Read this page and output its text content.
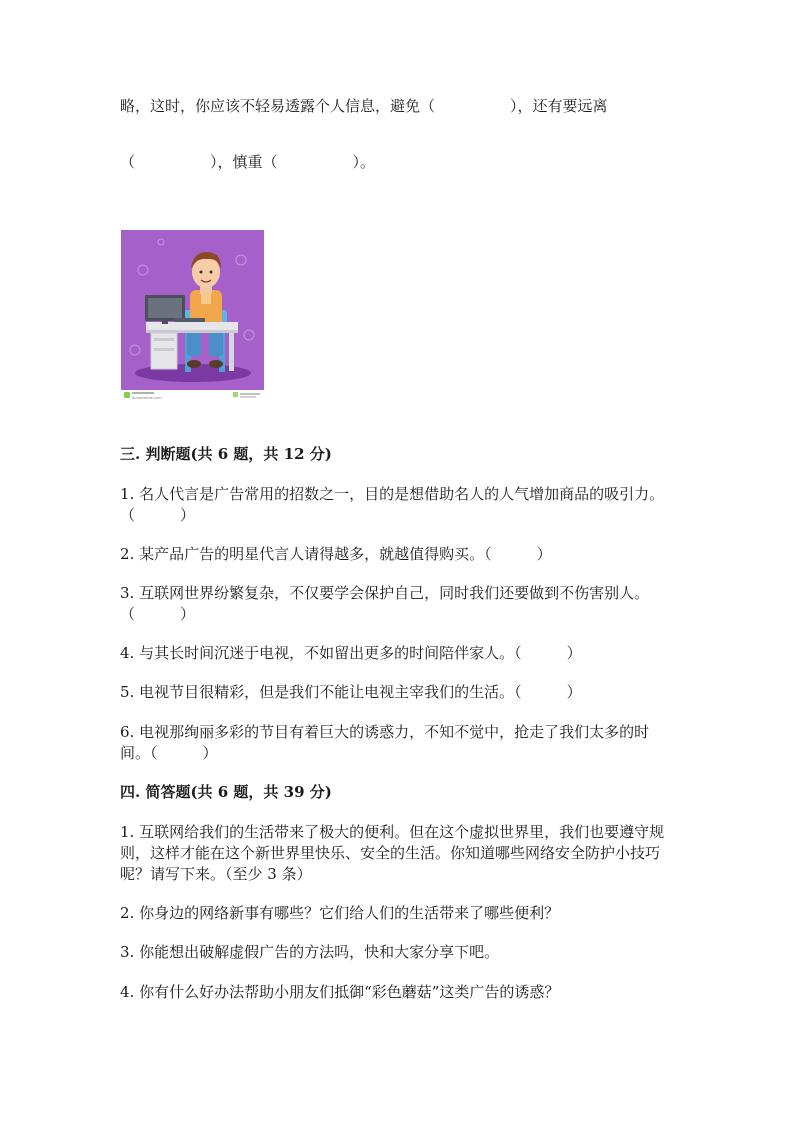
略，这时，你应该不轻易透露个人信息，避免（　　　　　），还有要远离
（　　　　　），慎重（　　　　　）。
dreamstime.com
三. 判断题(共 6 题，共 12 分)
1. 名人代言是广告常用的招数之一，目的是想借助名人的人气增加商品的吸引力。（　　　）
2. 某产品广告的明星代言人请得越多，就越值得购买。（　　　）
3. 互联网世界纷繁复杂，不仅要学会保护自己，同时我们还要做到不伤害别人。（　　　）
4. 与其长时间沉迷于电视，不如留出更多的时间陪伴家人。（　　　）
5. 电视节目很精彩，但是我们不能让电视主宰我们的生活。（　　　）
6. 电视那绚丽多彩的节目有着巨大的诱惑力，不知不觉中，抢走了我们太多的时间。（　　　）
四. 简答题(共 6 题，共 39 分)
1. 互联网给我们的生活带来了极大的便利。但在这个虚拟世界里，我们也要遵守规则，这样才能在这个新世界里快乐、安全的生活。你知道哪些网络安全防护小技巧呢？请写下来。（至少 3 条）
2. 你身边的网络新事有哪些？它们给人们的生活带来了哪些便利？
3. 你能想出破解虚假广告的方法吗，快和大家分享下吧。
4. 你有什么好办法帮助小朋友们抵御“彩色蘑菇”这类广告的诱惑？
